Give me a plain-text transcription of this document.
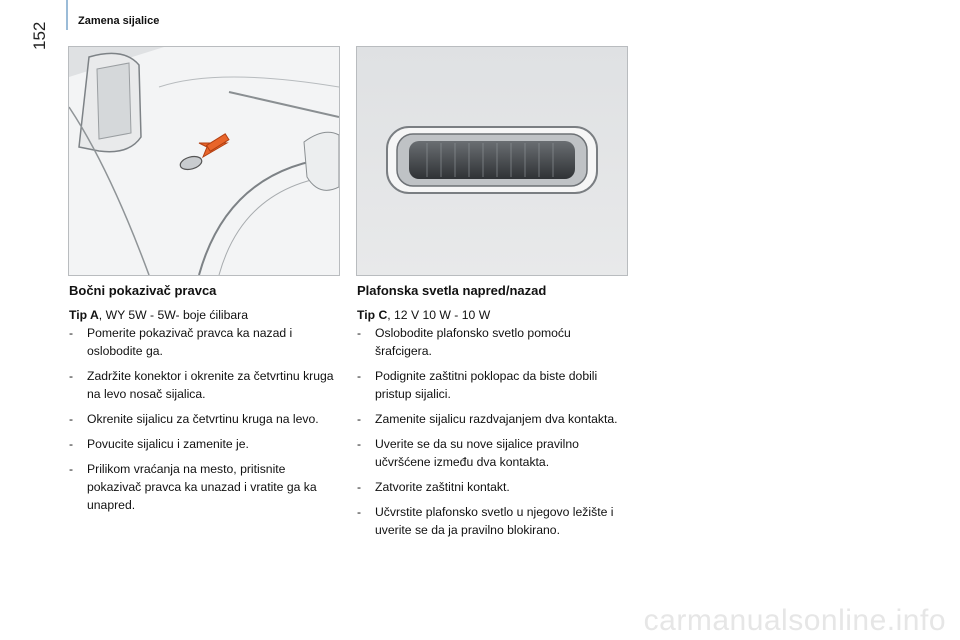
Zamena sijalice
152
Bočni pokazivač pravca	Plafonska svetla napred/nazad
Tip A, WY 5W - 5W- boje ćilibara
- Pomerite pokazivač pravca ka nazad i oslobodite ga.
- Zadržite konektor i okrenite za četvrtinu kruga na levo nosač sijalica.
- Okrenite sijalicu za četvrtinu kruga na levo.
- Povucite sijalicu i zamenite je.
- Prilikom vraćanja na mesto, pritisnite pokazivač pravca ka unazad i vratite ga ka unapred.
Tip C, 12 V 10 W - 10 W
- Oslobodite plafonsko svetlo pomoću šrafcigera.
- Podignite zaštitni poklopac da biste dobili pristup sijalici.
- Zamenite sijalicu razdvajanjem dva kontakta.
- Uverite se da su nove sijalice pravilno učvršćene između dva kontakta.
- Zatvorite zaštitni kontakt.
- Učvrstite plafonsko svetlo u njegovo ležište i uverite se da ja pravilno blokirano.
carmanualsonline.info
